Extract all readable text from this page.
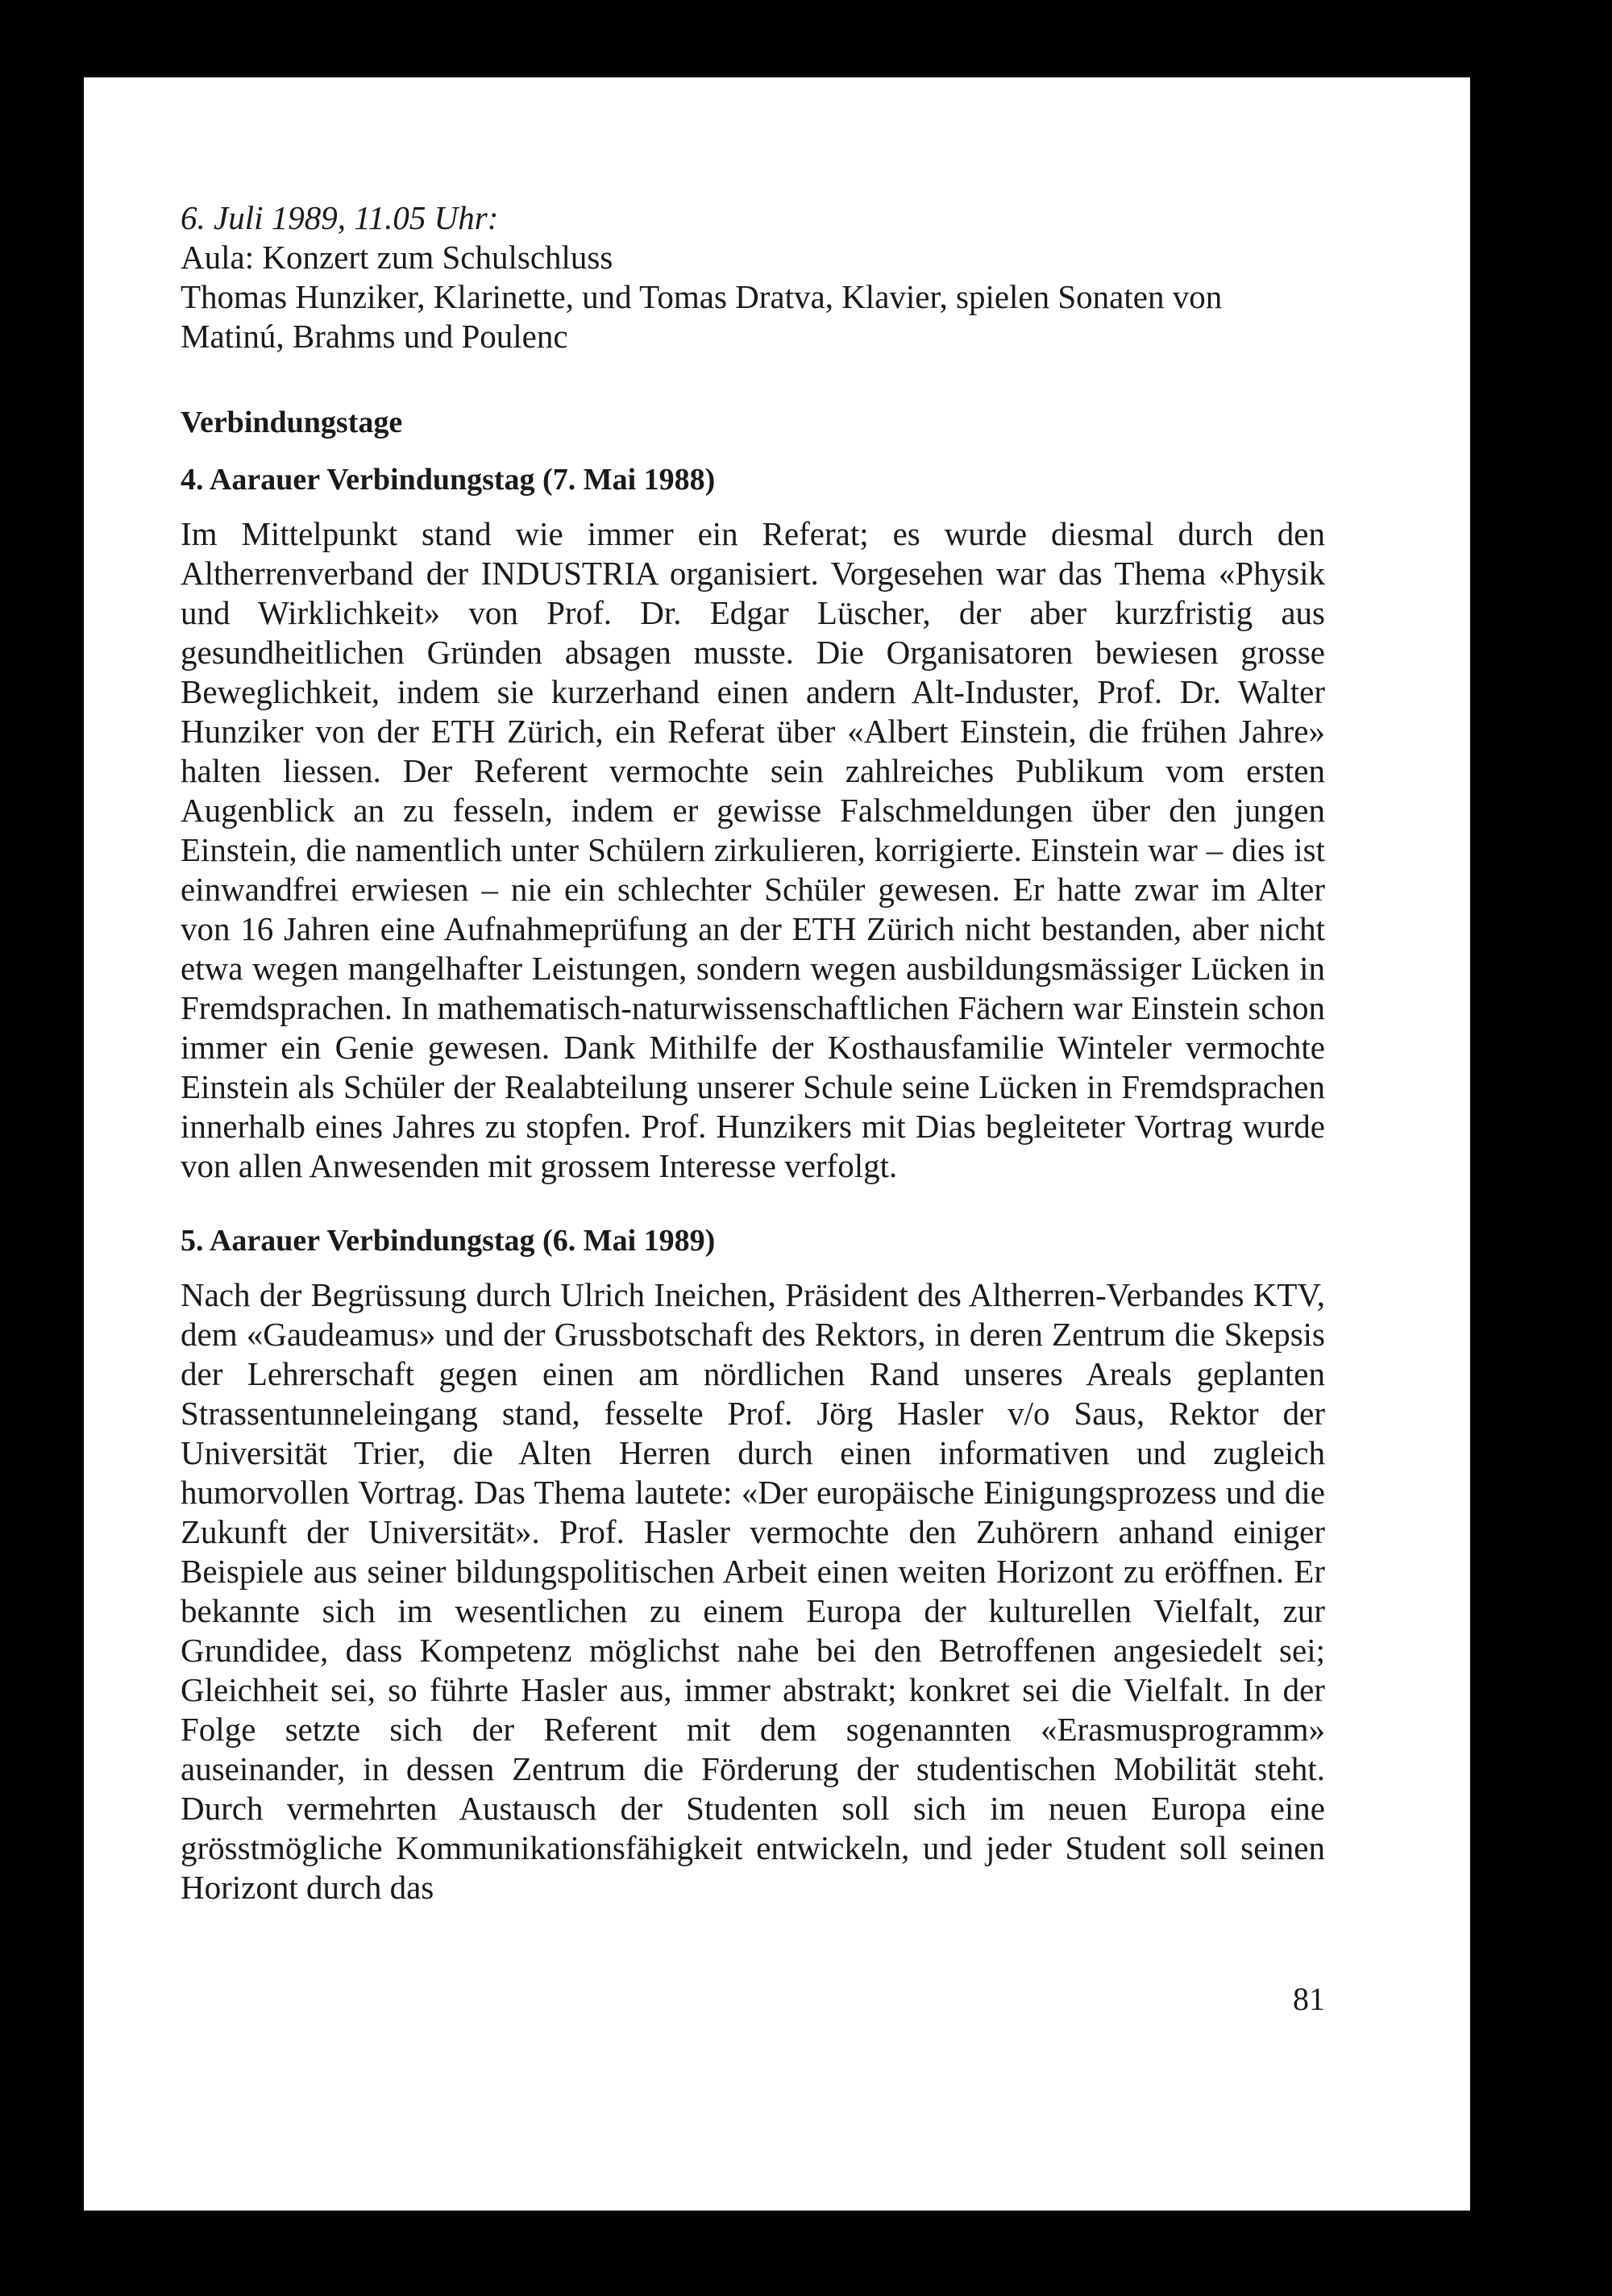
6. Juli 1989, 11.05 Uhr:

Aula: Konzert zum Schulschluss

Thomas Hunziker, Klarinette, und Tomas Dratva, Klavier, spielen Sonaten von Matinú, Brahms und Poulenc

Verbindungstage
4. Aarauer Verbindungstag (7. Mai 1988)

Im Mittelpunkt stand wie immer ein Referat; es wurde diesmal durch den Altherrenverband der INDUSTRIA organisiert. Vorgesehen war das Thema «Physik und Wirklichkeit» von Prof. Dr. Edgar Lüscher, der aber kurzfristig aus gesundheitlichen Gründen absagen musste. Die Organisatoren bewiesen grosse Beweglichkeit, indem sie kurzerhand einen andern Alt-Induster, Prof. Dr. Walter Hunziker von der ETH Zürich, ein Referat über «Albert Einstein, die frühen Jahre» halten liessen. Der Referent vermochte sein zahlreiches Publikum vom ersten Augenblick an zu fesseln, indem er gewisse Falschmeldungen über den jungen Einstein, die namentlich unter Schülern zirkulieren, korrigierte. Einstein war – dies ist einwandfrei erwiesen – nie ein schlechter Schüler gewesen. Er hatte zwar im Alter von 16 Jahren eine Aufnahmeprüfung an der ETH Zürich nicht bestanden, aber nicht etwa wegen mangelhafter Leistungen, sondern wegen ausbildungsmässiger Lücken in Fremdsprachen. In mathematisch-naturwissenschaftlichen Fächern war Einstein schon immer ein Genie gewesen. Dank Mithilfe der Kosthausfamilie Winteler vermochte Einstein als Schüler der Realabteilung unserer Schule seine Lücken in Fremdsprachen innerhalb eines Jahres zu stopfen. Prof. Hunzikers mit Dias begleiteter Vortrag wurde von allen Anwesenden mit grossem Interesse verfolgt.

5. Aarauer Verbindungstag (6. Mai 1989)

Nach der Begrüssung durch Ulrich Ineichen, Präsident des Altherren-Verbandes KTV, dem «Gaudeamus» und der Grussbotschaft des Rektors, in deren Zentrum die Skepsis der Lehrerschaft gegen einen am nördlichen Rand unseres Areals geplanten Strassentunneleingang stand, fesselte Prof. Jörg Hasler v/o Saus, Rektor der Universität Trier, die Alten Herren durch einen informativen und zugleich humorvollen Vortrag. Das Thema lautete: «Der europäische Einigungsprozess und die Zukunft der Universität». Prof. Hasler vermochte den Zuhörern anhand einiger Beispiele aus seiner bildungspolitischen Arbeit einen weiten Horizont zu eröffnen. Er bekannte sich im wesentlichen zu einem Europa der kulturellen Vielfalt, zur Grundidee, dass Kompetenz möglichst nahe bei den Betroffenen angesiedelt sei; Gleichheit sei, so führte Hasler aus, immer abstrakt; konkret sei die Vielfalt. In der Folge setzte sich der Referent mit dem sogenannten «Erasmusprogramm» auseinander, in dessen Zentrum die Förderung der studentischen Mobilität steht. Durch vermehrten Austausch der Studenten soll sich im neuen Europa eine grösstmögliche Kommunikationsfähigkeit entwickeln, und jeder Student soll seinen Horizont durch das

81
